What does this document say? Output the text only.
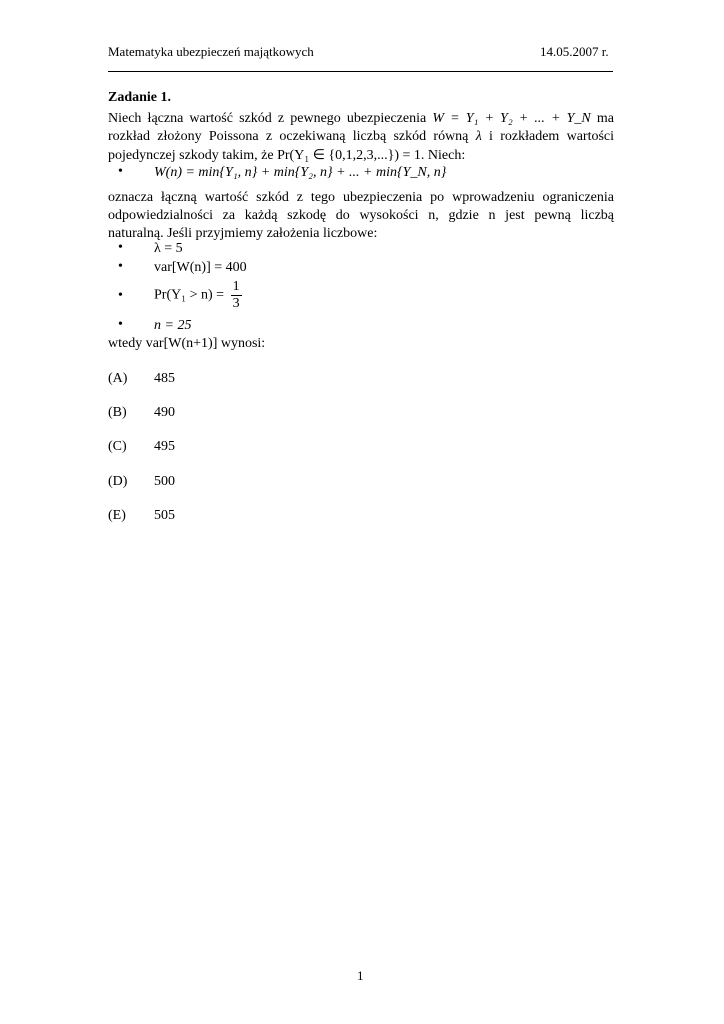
Matematyka ubezpieczeń majątkowych	14.05.2007 r.
Zadanie 1.
Niech łączna wartość szkód z pewnego ubezpieczenia W = Y₁ + Y₂ + ... + Y_N ma
rozkład złożony Poissona z oczekiwaną liczbą szkód równą λ i rozkładem wartości
pojedynczej szkody takim, że Pr(Y₁ ∈ {0,1,2,3,...}) = 1. Niech:
• W(n) = min{Y₁, n} + min{Y₂, n} + ... + min{Y_N, n}
oznacza łączną wartość szkód z tego ubezpieczenia po wprowadzeniu ograniczenia
odpowiedzialności za każdą szkodę do wysokości n, gdzie n jest pewną liczbą
naturalną. Jeśli przyjmiemy założenia liczbowe:
• λ = 5
• var[W(n)] = 400
• $Pr(Y_1 > n) = \frac{1}{3}$
• n = 25
wtedy var[W(n+1)] wynosi:
(A) 485
(B) 490
(C) 495
(D) 500
(E) 505
1
